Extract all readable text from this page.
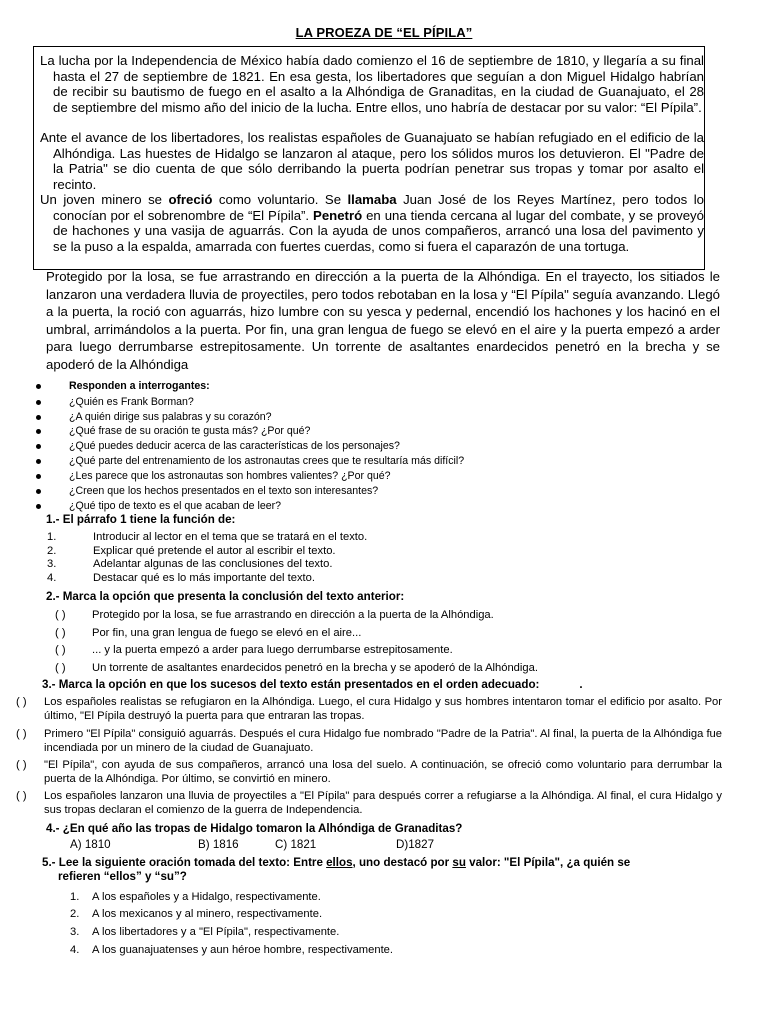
LA PROEZA DE “EL PÍPILA”

La lucha por la Independencia de México había dado comienzo el 16 de septiembre de 1810, y llegaría a su final hasta el 27 de septiembre de 1821. En esa gesta, los libertadores que seguían a don Miguel Hidalgo habrían de recibir su bautismo de fuego en el asalto a la Alhóndiga de Granaditas, en la ciudad de Guanajuato, el 28 de septiembre del mismo año del inicio de la lucha. Entre ellos, uno habría de destacar por su valor: “El Pípila”.

Ante el avance de los libertadores, los realistas españoles de Guanajuato se habían refugiado en el edificio de la Alhóndiga. Las huestes de Hidalgo se lanzaron al ataque, pero los sólidos muros los detuvieron. El "Padre de la Patria" se dio cuenta de que sólo derribando la puerta podrían penetrar sus tropas y tomar por asalto el recinto.

Un joven minero se ofreció como voluntario. Se llamaba Juan José de los Reyes Martínez, pero todos lo conocían por el sobrenombre de “El Pípila”. Penetró en una tienda cercana al lugar del combate, y se proveyó de hachones y una vasija de aguarrás. Con la ayuda de unos compañeros, arrancó una losa del pavimento y se la puso a la espalda, amarrada con fuertes cuerdas, como si fuera el caparazón de una tortuga.

Protegido por la losa, se fue arrastrando en dirección a la puerta de la Alhóndiga. En el trayecto, los sitiados le lanzaron una verdadera lluvia de proyectiles, pero todos rebotaban en la losa y “El Pípila" seguía avanzando. Llegó a la puerta, la roció con aguarrás, hizo lumbre con su yesca y pedernal, encendió los hachones y los hacinó en el umbral, arrimándolos a la puerta. Por fin, una gran lengua de fuego se elevó en el aire y la puerta empezó a arder para luego derrumbarse estrepitosamente. Un torrente de asaltantes enardecidos penetró en la brecha y se apoderó de la Alhóndiga

Responden a interrogantes:
¿Quién es Frank Borman?
¿A quién dirige sus palabras y su corazón?
¿Qué frase de su oración te gusta más? ¿Por qué?
¿Qué puedes deducir acerca de las características de los personajes?
¿Qué parte del entrenamiento de los astronautas crees que te resultaría más difícil?
¿Les parece que los astronautas son hombres valientes? ¿Por qué?
¿Creen que los hechos presentados en el texto son interesantes?
¿Qué tipo de texto es el que acaban de leer?
1.- El párrafo 1 tiene la función de:
1.	Introducir al lector en el tema que se tratará en el texto.
2.	Explicar qué pretende el autor al escribir el texto.
3.	Adelantar algunas de las conclusiones del texto.
4.	Destacar qué es lo más importante del texto.
2.- Marca la opción que presenta la conclusión del texto anterior:
( ) Protegido por la losa, se fue arrastrando en dirección a la puerta de la Alhóndiga.
( ) Por fin, una gran lengua de fuego se elevó en el aire...
( ) ... y la puerta empezó a arder para luego derrumbarse estrepitosamente.
( ) Un torrente de asaltantes enardecidos penetró en la brecha y se apoderó de la Alhóndiga.
3.- Marca la opción en que los sucesos del texto están presentados en el orden adecuado:	.
( ) Los españoles realistas se refugiaron en la Alhóndiga. Luego, el cura Hidalgo y sus hombres intentaron tomar el edificio por asalto. Por último, "El Pípila destruyó la puerta para que entraran las tropas.
( ) Primero "El Pípila" consiguió aguarrás. Después el cura Hidalgo fue nombrado "Padre de la Patria". Al final, la puerta de la Alhóndiga fue incendiada por un minero de la ciudad de Guanajuato.
( ) "El Pípila", con ayuda de sus compañeros, arrancó una losa del suelo. A continuación, se ofreció como voluntario para derrumbar la puerta de la Alhóndiga. Por último, se convirtió en minero.
( ) Los españoles lanzaron una lluvia de proyectiles a "El Pípila" para después correr a refugiarse a la Alhóndiga. Al final, el cura Hidalgo y sus tropas declaran el comienzo de la guerra de Independencia.
4.- ¿En qué año las tropas de Hidalgo tomaron la Alhóndiga de Granaditas?
A) 1810	B) 1816	C) 1821	D)1827
5.- Lee la siguiente oración tomada del texto: Entre ellos, uno destacó por su valor: "El Pípila", ¿a quién se
refieren “ellos” y “su”?
1. A los españoles y a Hidalgo, respectivamente.
2. A los mexicanos y al minero, respectivamente.
3. A los libertadores y a "El Pípila", respectivamente.
4. A los guanajuatenses y aun héroe hombre, respectivamente.
